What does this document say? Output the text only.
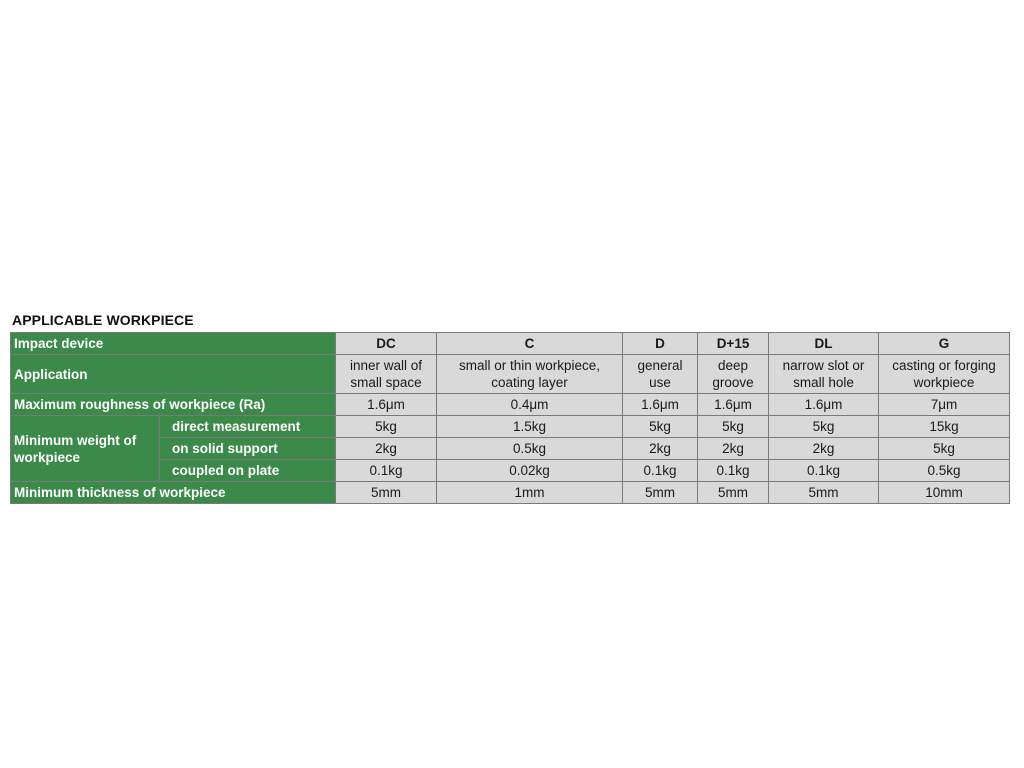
APPLICABLE WORKPIECE
Impact device		DC	C	D	D+15	DL	G
Application		inner wall of small space	small or thin workpiece, coating layer	general use	deep groove	narrow slot or small hole	casting or forging workpiece
Maximum roughness of workpiece (Ra)		1.6μm	0.4μm	1.6μm	1.6μm	1.6μm	7μm
Minimum weight of workpiece	direct measurement	5kg	1.5kg	5kg	5kg	5kg	15kg
	on solid support	2kg	0.5kg	2kg	2kg	2kg	5kg
	coupled on plate	0.1kg	0.02kg	0.1kg	0.1kg	0.1kg	0.5kg
Minimum thickness of workpiece		5mm	1mm	5mm	5mm	5mm	10mm
